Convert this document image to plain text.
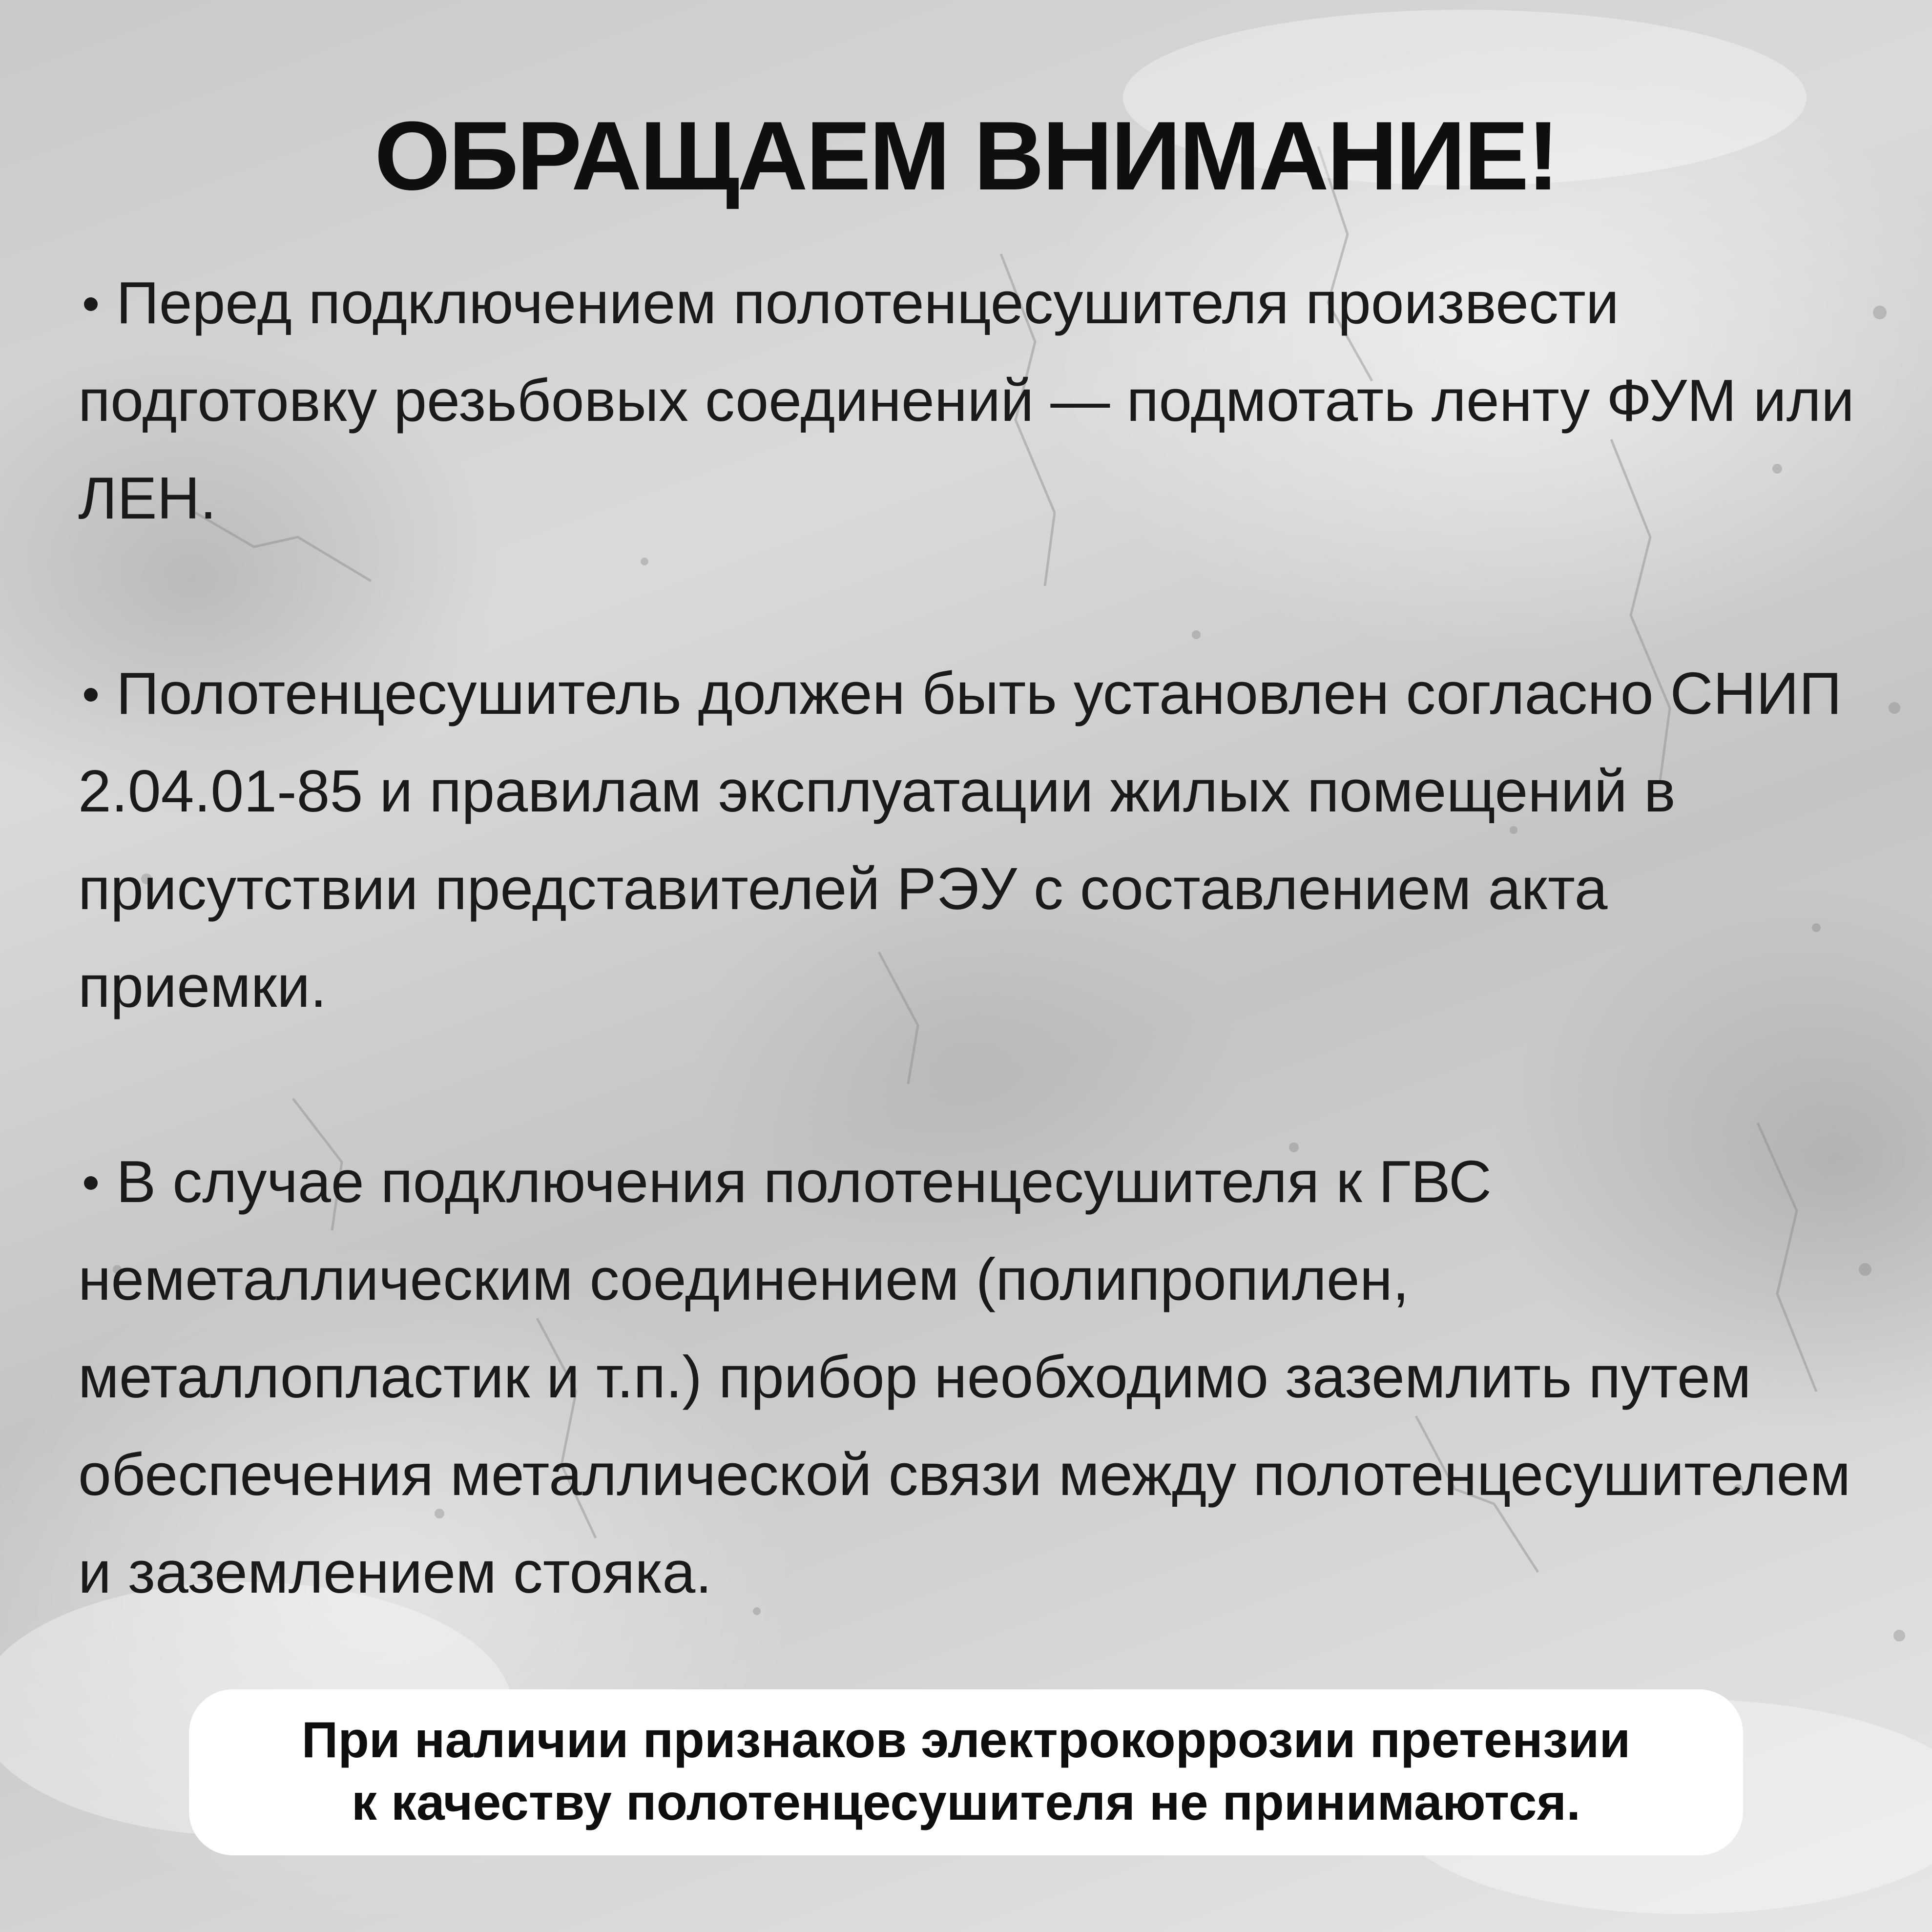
ОБРАЩАЕМ ВНИМАНИЕ!

Перед подключением полотенцесушителя произвести подготовку резьбовых соединений — подмотать ленту ФУМ или ЛЕН.

Полотенцесушитель должен быть установлен согласно СНИП 2.04.01-85 и правилам эксплуатации жилых помещений в присутствии представителей РЭУ с составлением акта приемки.

В случае подключения полотенцесушителя к ГВС неметаллическим соединением (полипропилен, металлопластик и т.п.) прибор необходимо заземлить путем обеспечения металлической связи между полотенцесушителем и заземлением стояка.

При наличии признаков электрокоррозии претензии
к качеству полотенцесушителя не принимаются.
